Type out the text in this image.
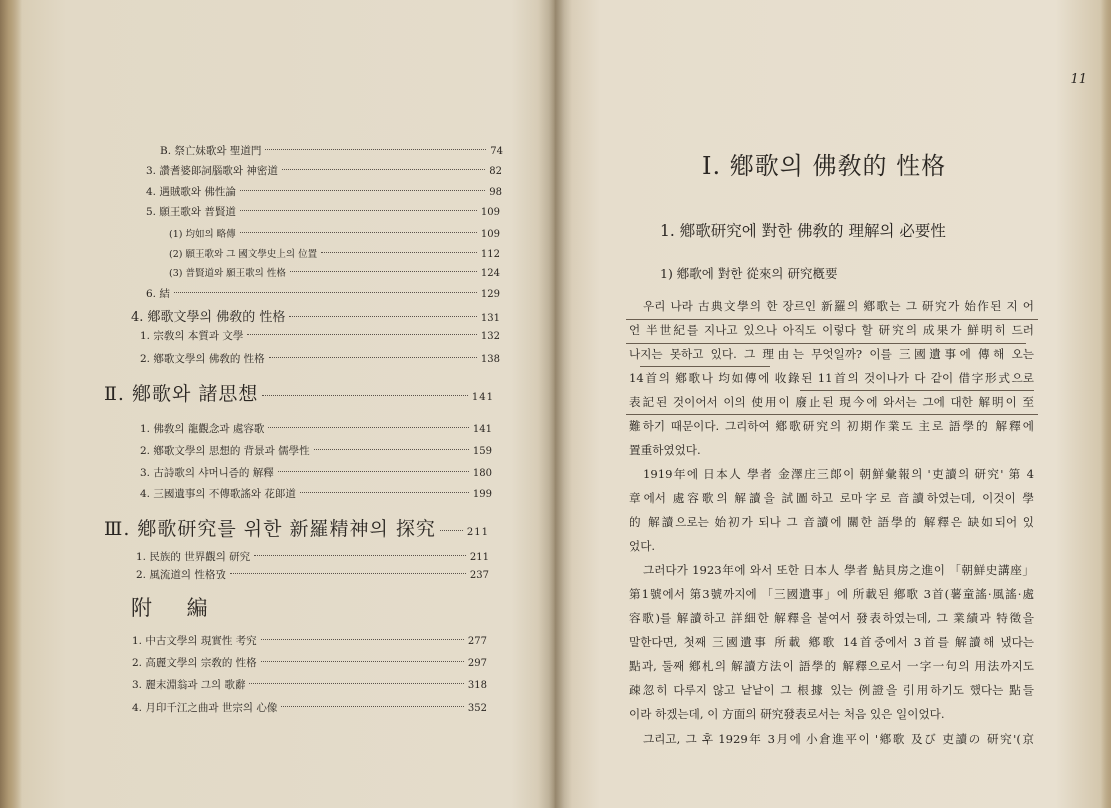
B. 祭亡妹歌와 聖道門	74
3. 讚耆婆郞詞腦歌와 神密道	82
4. 遇賊歌와 佛性論	98
5. 願王歌와 普賢道	109
(1) 均如의 略傳	109
(2) 願王歌와 그 國文學史上의 位置	112
(3) 普賢道와 願王歌의 性格	124
6. 結	129
4. 鄕歌文學의 佛敎的 性格	131
1. 宗敎의 本質과 文學	132
2. 鄕歌文學의 佛敎的 性格	138
Ⅱ. 鄕歌와 諸思想	141
1. 佛敎의 龍觀念과 處容歌	141
2. 鄕歌文學의 思想的 背景과 儒學性	159
3. 古詩歌의 샤머니즘的 解釋	180
4. 三國遺事의 不傳歌謠와 花郞道	199
Ⅲ. 鄕歌研究를 위한 新羅精神의 探究	211
1. 民族的 世界觀의 研究	211
2. 風流道의 性格攷	237
附 編
1. 中古文學의 現實性 考究	277
2. 高麗文學의 宗敎的 性格	297
3. 麗末淵翁과 그의 歌辭	318
4. 月印千江之曲과 世宗의 心像	352
11
Ⅰ. 鄕歌의 佛敎的 性格
1. 鄕歌研究에 對한 佛敎的 理解의 必要性
1) 鄕歌에 對한 從來의 研究槪要
우리 나라 古典文學의 한 장르인 新羅의 鄕歌는 그 研究가 始作된 지 어
언 半世紀를 지나고 있으나 아직도 이렇다 할 研究의 成果가 鮮明히 드러
나지는 못하고 있다. 그 理由는 무엇일까? 이를 三國遺事에 傳해 오는
14首의 鄕歌나 均如傳에 收錄된 11首의 것이나가 다 같이 借字形式으로
表記된 것이어서 이의 使用이 廢止된 現今에 와서는 그에 대한 解明이 至
難하기 때문이다. 그리하여 鄕歌研究의 初期作業도 主로 語學的 解釋에
置重하였었다.
1919年에 日本人 學者 金澤庄三郞이 朝鮮彙報의 '吏讀의 研究' 第 4
章에서 處容歌의 解讀을 試圖하고 로마字로 音讀하였는데, 이것이 學
的 解讀으로는 始初가 되나 그 音讀에 關한 語學的 解釋은 缺如되어 있
었다.
그러다가 1923年에 와서 또한 日本人 學者 鮎貝房之進이 「朝鮮史講座」
第1號에서 第3號까지에 「三國遺事」에 所載된 鄕歌 3首(薯童謠·風謠·處
容歌)를 解讀하고 詳細한 解釋을 붙여서 發表하였는데, 그 業績과 特徵을
말한다면, 첫째 三國遺事 所載 鄕歌 14首중에서 3首를 解讀해 냈다는
點과, 둘째 鄕札의 解讀方法이 語學的 解釋으로서 一字一句의 用法까지도
疎忽히 다루지 않고 낱낱이 그 根據 있는 例證을 引用하기도 했다는 點들
이라 하겠는데, 이 方面의 研究發表로서는 처음 있은 일이었다.
그리고, 그 후 1929年 3月에 小倉進平이 '鄕歌 及び 吏讀の 研究'(京
